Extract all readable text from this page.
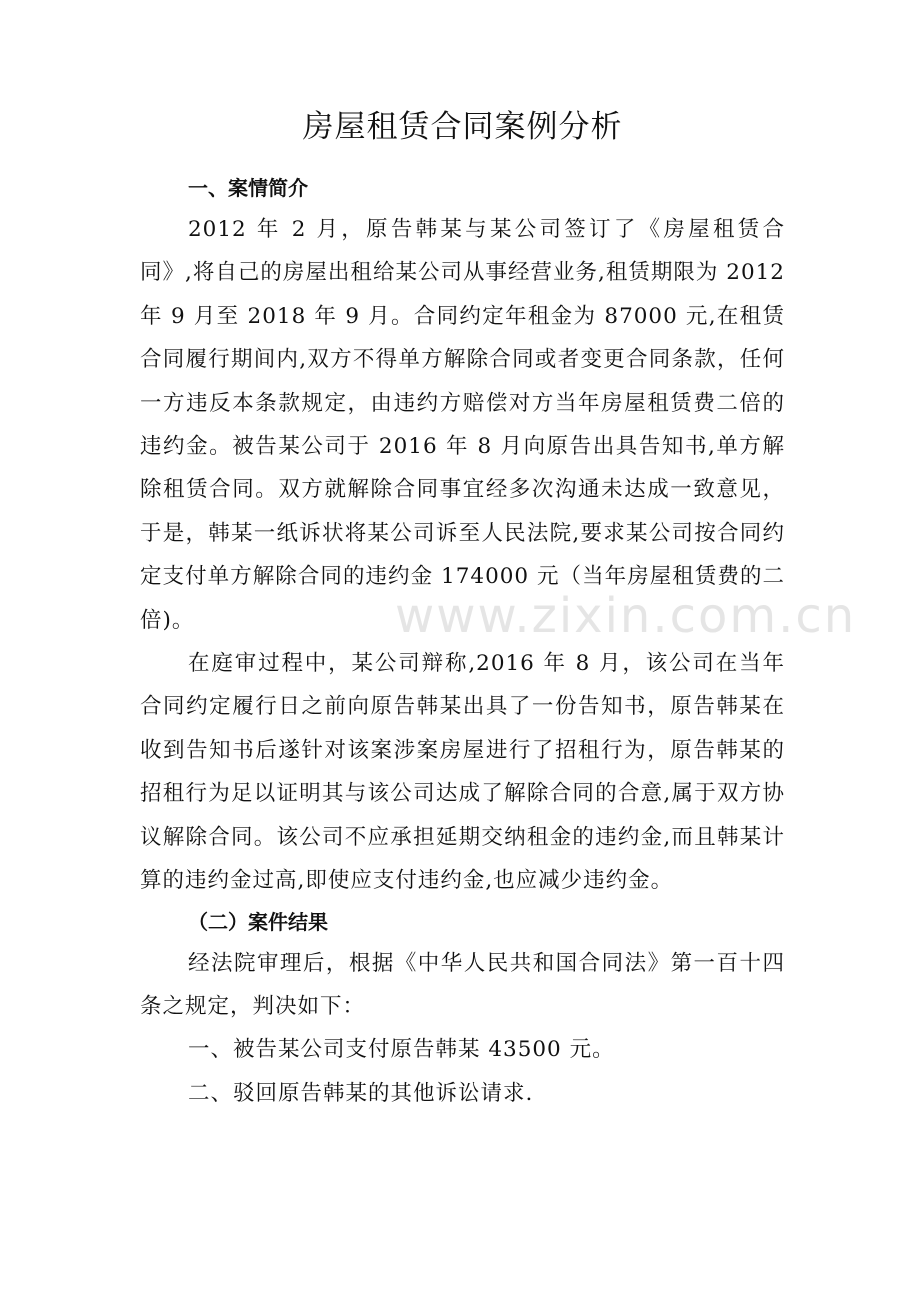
房屋租赁合同案例分析

一、案情简介

2012 年 2 月，原告韩某与某公司签订了《房屋租赁合同》,将自己的房屋出租给某公司从事经营业务,租赁期限为 2012 年 9 月至 2018 年 9 月。合同约定年租金为 87000 元,在租赁合同履行期间内,双方不得单方解除合同或者变更合同条款，任何一方违反本条款规定，由违约方赔偿对方当年房屋租赁费二倍的违约金。被告某公司于 2016 年 8 月向原告出具告知书,单方解除租赁合同。双方就解除合同事宜经多次沟通未达成一致意见，于是，韩某一纸诉状将某公司诉至人民法院,要求某公司按合同约定支付单方解除合同的违约金 174000 元（当年房屋租赁费的二倍)。

在庭审过程中，某公司辩称,2016 年 8 月，该公司在当年合同约定履行日之前向原告韩某出具了一份告知书，原告韩某在收到告知书后遂针对该案涉案房屋进行了招租行为，原告韩某的招租行为足以证明其与该公司达成了解除合同的合意,属于双方协议解除合同。该公司不应承担延期交纳租金的违约金,而且韩某计算的违约金过高,即使应支付违约金,也应减少违约金。

（二）案件结果

经法院审理后，根据《中华人民共和国合同法》第一百十四条之规定，判决如下：

一、被告某公司支付原告韩某 43500 元。

二、驳回原告韩某的其他诉讼请求.

www.zixin.com.cn
